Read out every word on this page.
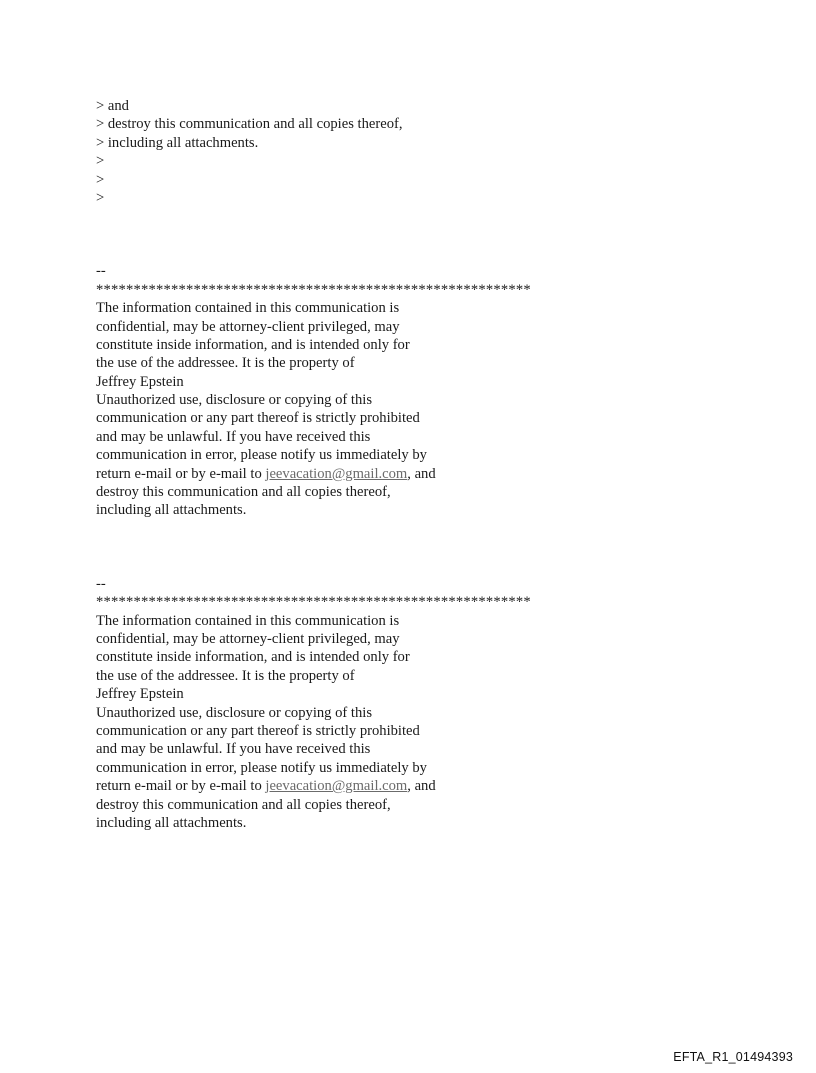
> and
> destroy this communication and all copies thereof,
> including all attachments.
>
>
>
--
**********************************************************
The information contained in this communication is
confidential, may be attorney-client privileged, may
constitute inside information, and is intended only for
the use of the addressee. It is the property of
Jeffrey Epstein
Unauthorized use, disclosure or copying of this
communication or any part thereof is strictly prohibited
and may be unlawful. If you have received this
communication in error, please notify us immediately by
return e-mail or by e-mail to jeevacation@gmail.com, and
destroy this communication and all copies thereof,
including all attachments.
--
**********************************************************
The information contained in this communication is
confidential, may be attorney-client privileged, may
constitute inside information, and is intended only for
the use of the addressee. It is the property of
Jeffrey Epstein
Unauthorized use, disclosure or copying of this
communication or any part thereof is strictly prohibited
and may be unlawful. If you have received this
communication in error, please notify us immediately by
return e-mail or by e-mail to jeevacation@gmail.com, and
destroy this communication and all copies thereof,
including all attachments.
EFTA_R1_01494393
